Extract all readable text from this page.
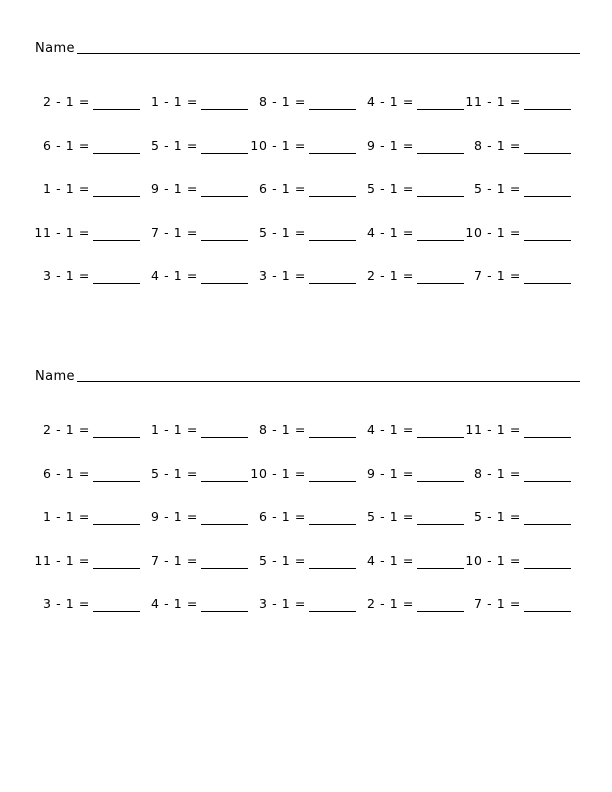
Name
2 - 1 =	1 - 1 =	8 - 1 =	4 - 1 =	11 - 1 =
6 - 1 =	5 - 1 =	10 - 1 =	9 - 1 =	8 - 1 =
1 - 1 =	9 - 1 =	6 - 1 =	5 - 1 =	5 - 1 =
11 - 1 =	7 - 1 =	5 - 1 =	4 - 1 =	10 - 1 =
3 - 1 =	4 - 1 =	3 - 1 =	2 - 1 =	7 - 1 =
Name
2 - 1 =	1 - 1 =	8 - 1 =	4 - 1 =	11 - 1 =
6 - 1 =	5 - 1 =	10 - 1 =	9 - 1 =	8 - 1 =
1 - 1 =	9 - 1 =	6 - 1 =	5 - 1 =	5 - 1 =
11 - 1 =	7 - 1 =	5 - 1 =	4 - 1 =	10 - 1 =
3 - 1 =	4 - 1 =	3 - 1 =	2 - 1 =	7 - 1 =
